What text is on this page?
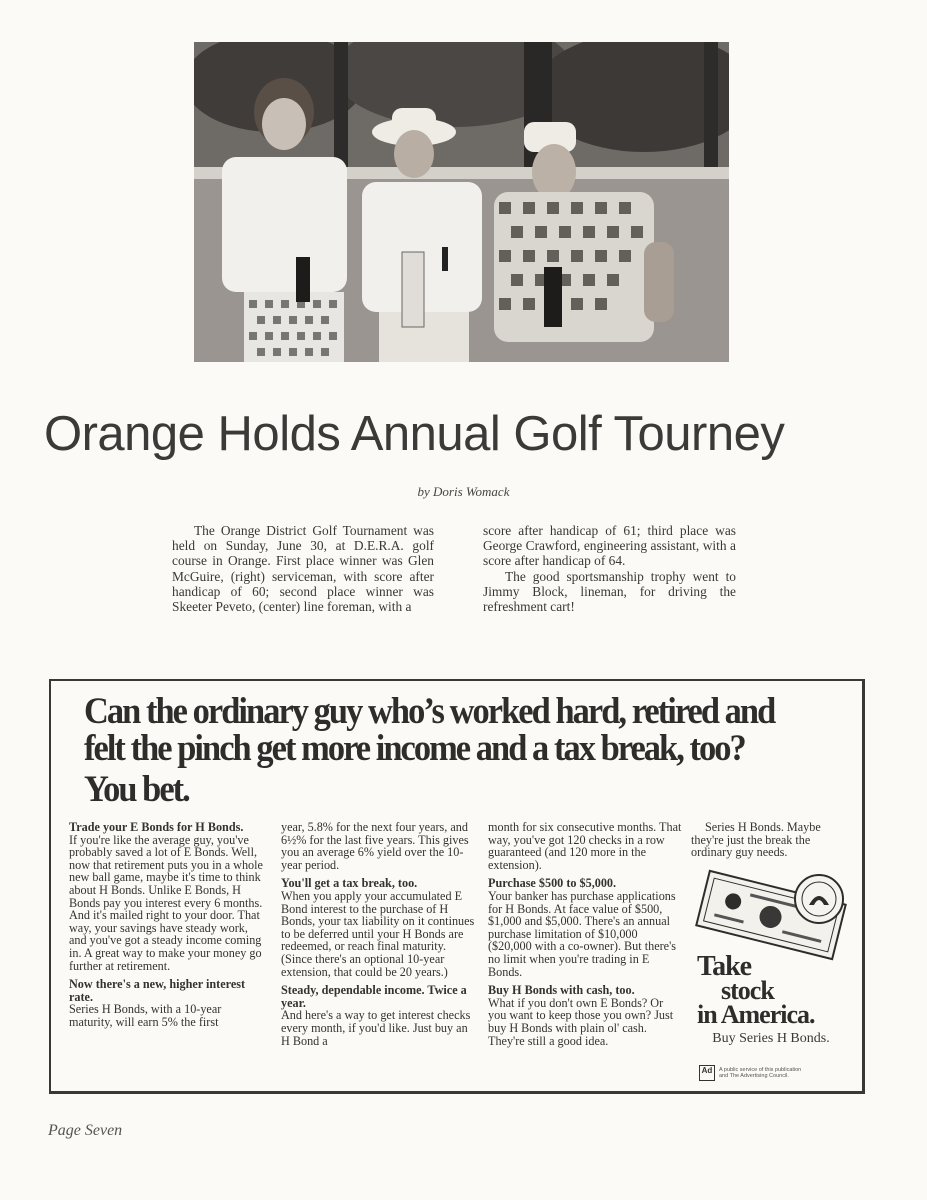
Orange Holds Annual Golf Tourney
by Doris Womack

The Orange District Golf Tournament was held on Sunday, June 30, at D.E.R.A. golf course in Orange. First place winner was Glen McGuire, (right) serviceman, with score after handicap of 60; second place winner was Skeeter Peveto, (center) line foreman, with a

score after handicap of 61; third place was George Crawford, engineering assistant, with a score after handicap of 64.

The good sportsmanship trophy went to Jimmy Block, lineman, for driving the refreshment cart!

Can the ordinary guy who’s worked hard, retired and
felt the pinch get more income and a tax break, too?
You bet.

Trade your E Bonds for H Bonds.
If you're like the average guy, you've probably saved a lot of E Bonds. Well, now that retirement puts you in a whole new ball game, maybe it's time to think about H Bonds. Unlike E Bonds, H Bonds pay you interest every 6 months. And it's mailed right to your door. That way, your savings have steady work, and you've got a steady income coming in. A great way to make your money go further at retirement.

Now there's a new, higher interest rate.
Series H Bonds, with a 10-year maturity, will earn 5% the first

year, 5.8% for the next four years, and 6½% for the last five years. This gives you an average 6% yield over the 10-year period.

You'll get a tax break, too.
When you apply your accumulated E Bond interest to the purchase of H Bonds, your tax liability on it continues to be deferred until your H Bonds are redeemed, or reach final maturity. (Since there's an optional 10-year extension, that could be 20 years.)

Steady, dependable income. Twice a year.
And here's a way to get interest checks every month, if you'd like. Just buy an H Bond a

month for six consecutive months. That way, you've got 120 checks in a row guaranteed (and 120 more in the extension).

Purchase $500 to $5,000.
Your banker has purchase applications for H Bonds. At face value of $500, $1,000 and $5,000. There's an annual purchase limitation of $10,000 ($20,000 with a co-owner). But there's no limit when you're trading in E Bonds.

Buy H Bonds with cash, too.
What if you don't own E Bonds? Or you want to keep those you own? Just buy H Bonds with plain ol' cash. They're still a good idea.

Series H Bonds. Maybe they're just the break the ordinary guy needs.

Take
stock
in America.
Buy Series H Bonds.
Ad	A public service of this publication
and The Advertising Council.
Page Seven
